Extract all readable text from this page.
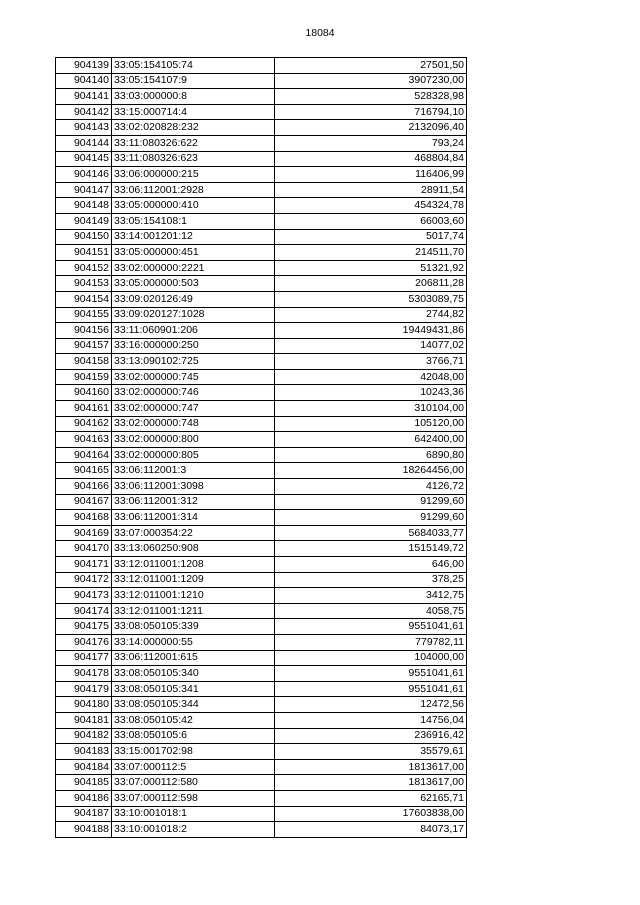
18084
904139	33:05:154105:74	27501,50
904140	33:05:154107:9	3907230,00
904141	33:03:000000:8	528328,98
904142	33:15:000714:4	716794,10
904143	33:02:020828:232	2132096,40
904144	33:11:080326:622	793,24
904145	33:11:080326:623	468804,84
904146	33:06:000000:215	116406,99
904147	33:06:112001:2928	28911,54
904148	33:05:000000:410	454324,78
904149	33:05:154108:1	66003,60
904150	33:14:001201:12	5017,74
904151	33:05:000000:451	214511,70
904152	33:02:000000:2221	51321,92
904153	33:05:000000:503	206811,28
904154	33:09:020126:49	5303089,75
904155	33:09:020127:1028	2744,82
904156	33:11:060901:206	19449431,86
904157	33:16:000000:250	14077,02
904158	33:13:090102:725	3766,71
904159	33:02:000000:745	42048,00
904160	33:02:000000:746	10243,36
904161	33:02:000000:747	310104,00
904162	33:02:000000:748	105120,00
904163	33:02:000000:800	642400,00
904164	33:02:000000:805	6890,80
904165	33:06:112001:3	18264456,00
904166	33:06:112001:3098	4126,72
904167	33:06:112001:312	91299,60
904168	33:06:112001:314	91299,60
904169	33:07:000354:22	5684033,77
904170	33:13:060250:908	1515149,72
904171	33:12:011001:1208	646,00
904172	33:12:011001:1209	378,25
904173	33:12:011001:1210	3412,75
904174	33:12:011001:1211	4058,75
904175	33:08:050105:339	9551041,61
904176	33:14:000000:55	779782,11
904177	33:06:112001:615	104000,00
904178	33:08:050105:340	9551041,61
904179	33:08:050105:341	9551041,61
904180	33:08:050105:344	12472,56
904181	33:08:050105:42	14756,04
904182	33:08:050105:6	236916,42
904183	33:15:001702:98	35579,61
904184	33:07:000112:5	1813617,00
904185	33:07:000112:580	1813617,00
904186	33:07:000112:598	62165,71
904187	33:10:001018:1	17603838,00
904188	33:10:001018:2	84073,17
